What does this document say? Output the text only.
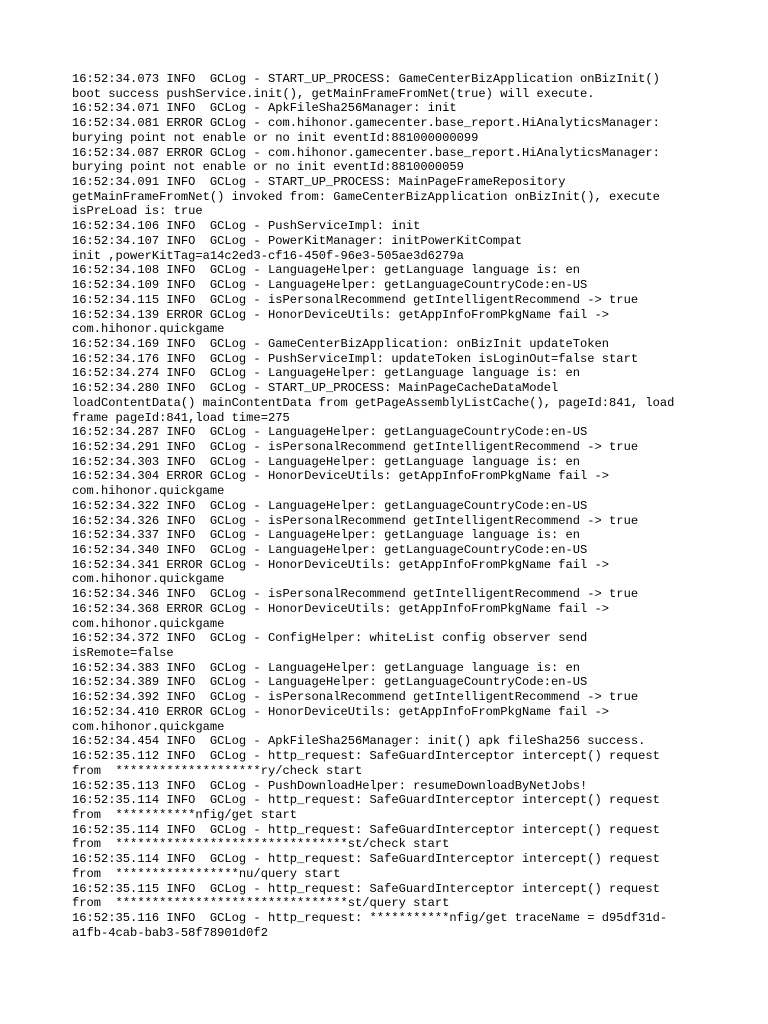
16:52:34.073 INFO  GCLog - START_UP_PROCESS: GameCenterBizApplication onBizInit()
boot success pushService.init(), getMainFrameFromNet(true) will execute.
16:52:34.071 INFO  GCLog - ApkFileSha256Manager: init
16:52:34.081 ERROR GCLog - com.hihonor.gamecenter.base_report.HiAnalyticsManager:
burying point not enable or no init eventId:881000000099
16:52:34.087 ERROR GCLog - com.hihonor.gamecenter.base_report.HiAnalyticsManager:
burying point not enable or no init eventId:8810000059
16:52:34.091 INFO  GCLog - START_UP_PROCESS: MainPageFrameRepository
getMainFrameFromNet() invoked from: GameCenterBizApplication onBizInit(), execute
isPreLoad is: true
16:52:34.106 INFO  GCLog - PushServiceImpl: init
16:52:34.107 INFO  GCLog - PowerKitManager: initPowerKitCompat
init ,powerKitTag=a14c2ed3-cf16-450f-96e3-505ae3d6279a
16:52:34.108 INFO  GCLog - LanguageHelper: getLanguage language is: en
16:52:34.109 INFO  GCLog - LanguageHelper: getLanguageCountryCode:en-US
16:52:34.115 INFO  GCLog - isPersonalRecommend getIntelligentRecommend -> true
16:52:34.139 ERROR GCLog - HonorDeviceUtils: getAppInfoFromPkgName fail ->
com.hihonor.quickgame
16:52:34.169 INFO  GCLog - GameCenterBizApplication: onBizInit updateToken
16:52:34.176 INFO  GCLog - PushServiceImpl: updateToken isLoginOut=false start
16:52:34.274 INFO  GCLog - LanguageHelper: getLanguage language is: en
16:52:34.280 INFO  GCLog - START_UP_PROCESS: MainPageCacheDataModel
loadContentData() mainContentData from getPageAssemblyListCache(), pageId:841, load
frame pageId:841,load time=275
16:52:34.287 INFO  GCLog - LanguageHelper: getLanguageCountryCode:en-US
16:52:34.291 INFO  GCLog - isPersonalRecommend getIntelligentRecommend -> true
16:52:34.303 INFO  GCLog - LanguageHelper: getLanguage language is: en
16:52:34.304 ERROR GCLog - HonorDeviceUtils: getAppInfoFromPkgName fail ->
com.hihonor.quickgame
16:52:34.322 INFO  GCLog - LanguageHelper: getLanguageCountryCode:en-US
16:52:34.326 INFO  GCLog - isPersonalRecommend getIntelligentRecommend -> true
16:52:34.337 INFO  GCLog - LanguageHelper: getLanguage language is: en
16:52:34.340 INFO  GCLog - LanguageHelper: getLanguageCountryCode:en-US
16:52:34.341 ERROR GCLog - HonorDeviceUtils: getAppInfoFromPkgName fail ->
com.hihonor.quickgame
16:52:34.346 INFO  GCLog - isPersonalRecommend getIntelligentRecommend -> true
16:52:34.368 ERROR GCLog - HonorDeviceUtils: getAppInfoFromPkgName fail ->
com.hihonor.quickgame
16:52:34.372 INFO  GCLog - ConfigHelper: whiteList config observer send
isRemote=false
16:52:34.383 INFO  GCLog - LanguageHelper: getLanguage language is: en
16:52:34.389 INFO  GCLog - LanguageHelper: getLanguageCountryCode:en-US
16:52:34.392 INFO  GCLog - isPersonalRecommend getIntelligentRecommend -> true
16:52:34.410 ERROR GCLog - HonorDeviceUtils: getAppInfoFromPkgName fail ->
com.hihonor.quickgame
16:52:34.454 INFO  GCLog - ApkFileSha256Manager: init() apk fileSha256 success.
16:52:35.112 INFO  GCLog - http_request: SafeGuardInterceptor intercept() request
from  ********************ry/check start
16:52:35.113 INFO  GCLog - PushDownloadHelper: resumeDownloadByNetJobs!
16:52:35.114 INFO  GCLog - http_request: SafeGuardInterceptor intercept() request
from  ***********nfig/get start
16:52:35.114 INFO  GCLog - http_request: SafeGuardInterceptor intercept() request
from  ********************************st/check start
16:52:35.114 INFO  GCLog - http_request: SafeGuardInterceptor intercept() request
from  *****************nu/query start
16:52:35.115 INFO  GCLog - http_request: SafeGuardInterceptor intercept() request
from  ********************************st/query start
16:52:35.116 INFO  GCLog - http_request: ***********nfig/get traceName = d95df31d-
a1fb-4cab-bab3-58f78901d0f2
